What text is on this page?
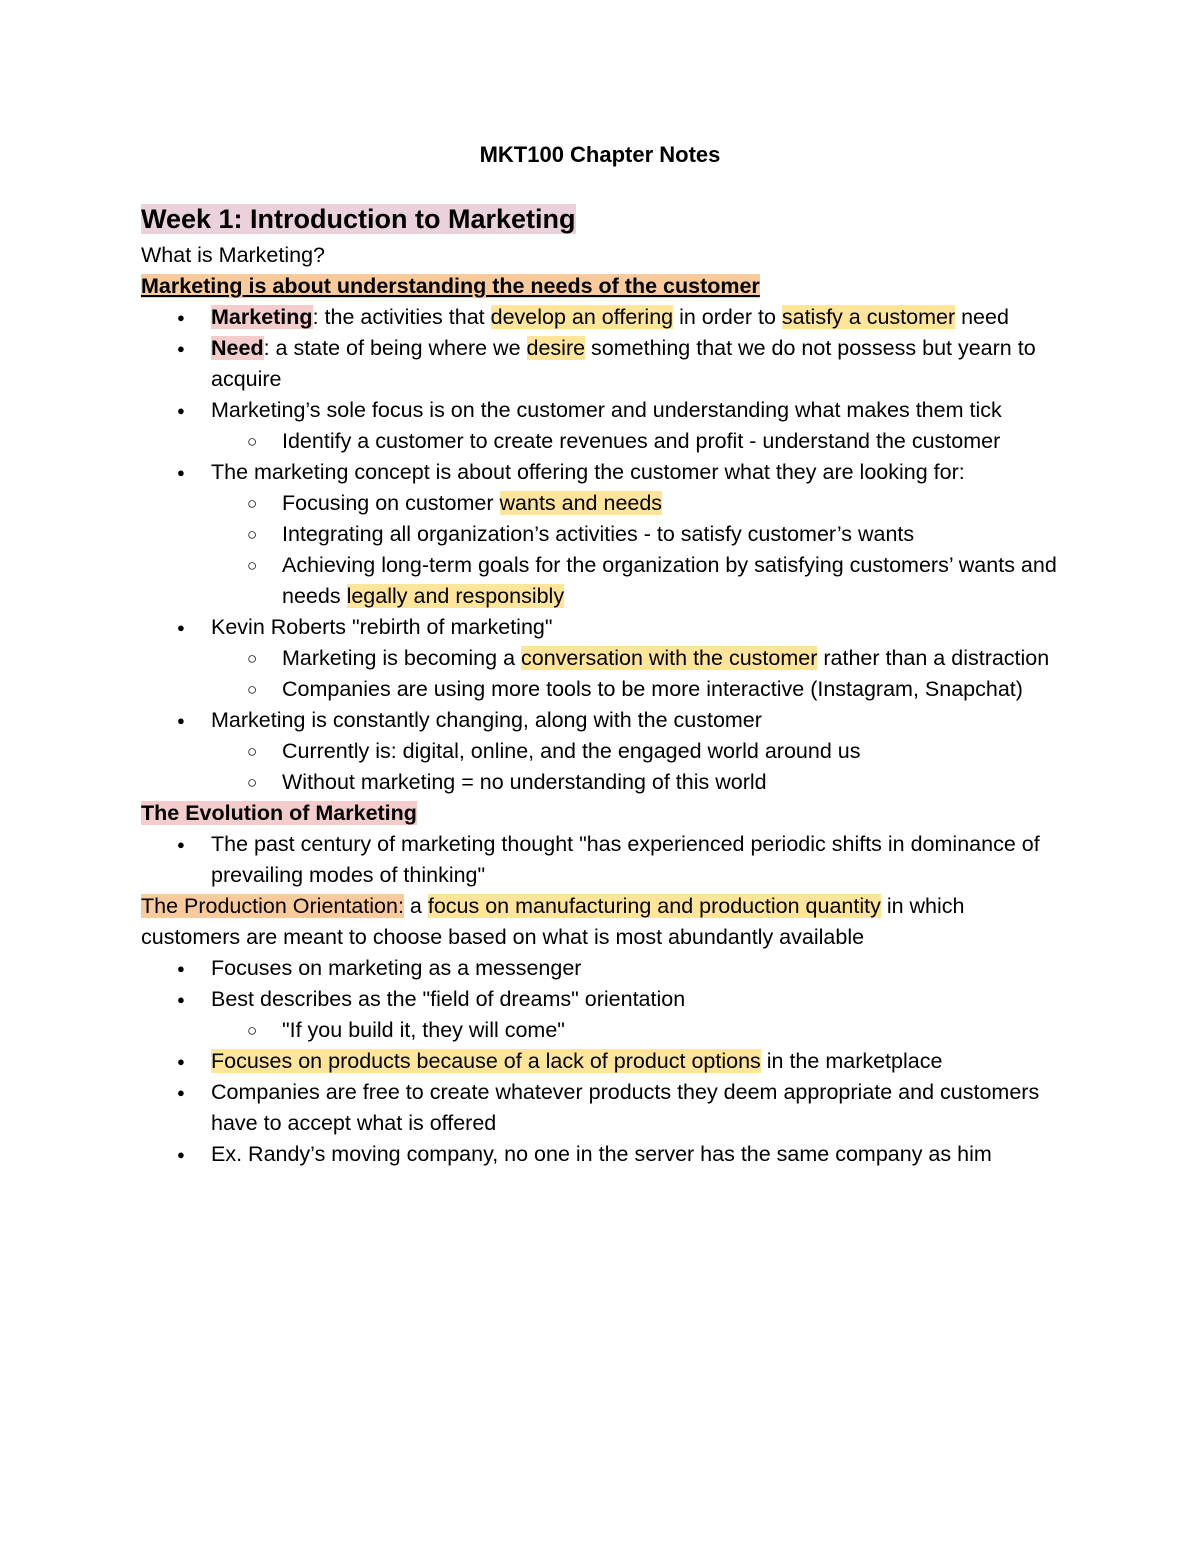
MKT100 Chapter Notes
Week 1: Introduction to Marketing
What is Marketing?
Marketing is about understanding the needs of the customer
● Marketing: the activities that develop an offering in order to satisfy a customer need
● Need: a state of being where we desire something that we do not possess but yearn to acquire
● Marketing’s sole focus is on the customer and understanding what makes them tick
○ Identify a customer to create revenues and profit - understand the customer
● The marketing concept is about offering the customer what they are looking for:
○ Focusing on customer wants and needs
○ Integrating all organization’s activities - to satisfy customer’s wants
○ Achieving long-term goals for the organization by satisfying customers’ wants and needs legally and responsibly
● Kevin Roberts "rebirth of marketing"
○ Marketing is becoming a conversation with the customer rather than a distraction
○ Companies are using more tools to be more interactive (Instagram, Snapchat)
● Marketing is constantly changing, along with the customer
○ Currently is: digital, online, and the engaged world around us
○ Without marketing = no understanding of this world
The Evolution of Marketing
● The past century of marketing thought "has experienced periodic shifts in dominance of prevailing modes of thinking"
The Production Orientation: a focus on manufacturing and production quantity in which customers are meant to choose based on what is most abundantly available
● Focuses on marketing as a messenger
● Best describes as the "field of dreams" orientation
○ "If you build it, they will come"
● Focuses on products because of a lack of product options in the marketplace
● Companies are free to create whatever products they deem appropriate and customers have to accept what is offered
● Ex. Randy’s moving company, no one in the server has the same company as him
